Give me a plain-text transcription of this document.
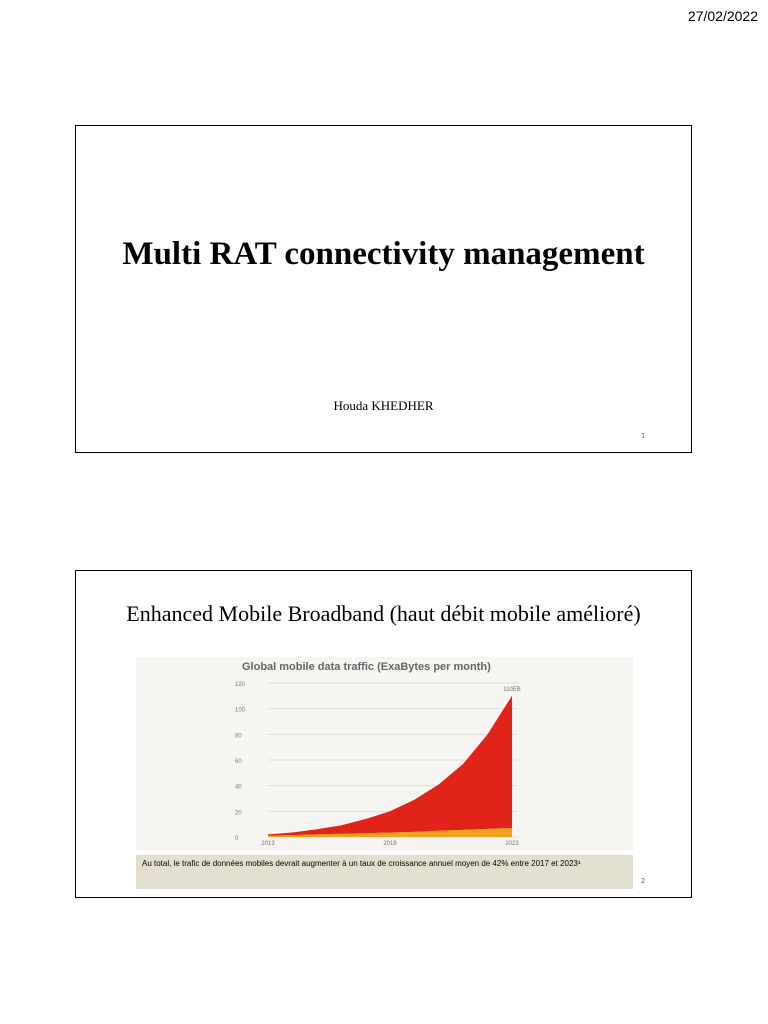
27/02/2022
Multi RAT connectivity management
Houda KHEDHER
1
Enhanced Mobile Broadband (haut débit mobile amélioré)
Global mobile data traffic (ExaBytes per month)
0
20
40
60
80
100
120
2013	2018	2023
110EB
Au total, le trafic de données mobiles devrait augmenter à un taux de croissance annuel moyen de 42% entre 2017 et 2023¹
2
